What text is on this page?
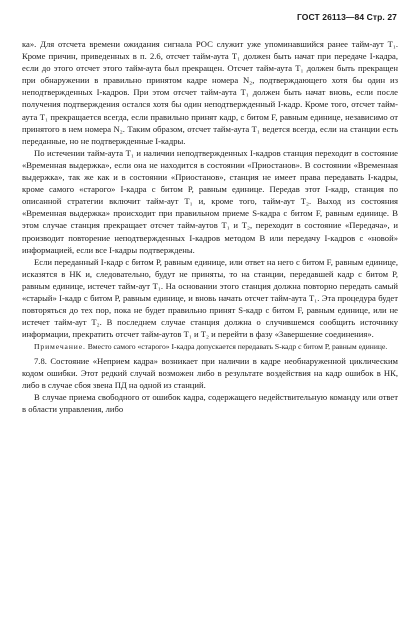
ГОСТ 26113—84 Стр. 27

ка». Для отсчета времени ожидания сигнала РОС служит уже упоминавшийся ранее тайм-аут T₁. Кроме причин, приведенных в п. 2.6, отсчет тайм-аута T₁ должен быть начат при передаче I-кадра, если до этого отсчет этого тайм-аута был прекращен. Отсчет тайм-аута T₁ должен быть прекращен при обнаружении в правильно принятом кадре номера N₂, подтверждающего хотя бы один из неподтвержденных I-кадров. При этом отсчет тайм-аута T₁ должен быть начат вновь, если после получения подтверждения остался хотя бы один неподтвержденный I-кадр. Кроме того, отсчет тайм-аута T₁ прекращается всегда, если правильно принят кадр, с битом F, равным единице, независимо от принятого в нем номера N₂. Таким образом, отсчет тайм-аута T₁ ведется всегда, если на станции есть переданные, но не подтвержденные I-кадры.

По истечении тайм-аута T₁ и наличии неподтвержденных I-кадров станция переходит в состояние «Временная выдержка», если она не находится в состоянии «Приостанов». В состоянии «Временная выдержка», так же как и в состоянии «Приостанов», станция не имеет права передавать I-кадры, кроме самого «старого» I-кадра с битом Р, равным единице. Передав этот I-кадр, станция по описанной стратегии включит тайм-аут T₁ и, кроме того, тайм-аут T₂. Выход из состояния «Временная выдержка» происходит при правильном приеме S-кадра с битом F, равным единице. В этом случае станция прекращает отсчет тайм-аутов T₁ и T₂, переходит в состояние «Передача», и производит повторение неподтвержденных I-кадров методом В или передачу I-кадров с «новой» информацией, если все I-кадры подтверждены.

Если переданный I-кадр с битом Р, равным единице, или ответ на него с битом F, равным единице, исказятся в НК и, следовательно, будут не приняты, то на станции, передавшей кадр с битом Р, равным единице, истечет тайм-аут T₁. На основании этого станция должна повторно передать самый «старый» I-кадр с битом Р, равным единице, и вновь начать отсчет тайм-аута T₁. Эта процедура будет повторяться до тех пор, пока не будет правильно принят S-кадр с битом F, равным единице, или не истечет тайм-аут T₂. В последнем случае станция должна о случившемся сообщить источнику информации, прекратить отсчет тайм-аутов T₁ и T₂ и перейти в фазу «Завершение соединения».

Примечание. Вместо самого «старого» I-кадра допускается передавать S-кадр с битом Р, равным единице.

7.8. Состояние «Неприем кадра» возникает при наличии в кадре необнаруженной циклическим кодом ошибки. Этот редкий случай возможен либо в результате воздействия на кадр ошибок в НК, либо в случае сбоя звена ПД на одной из станций.

В случае приема свободного от ошибок кадра, содержащего недействительную команду или ответ в области управления, либо
